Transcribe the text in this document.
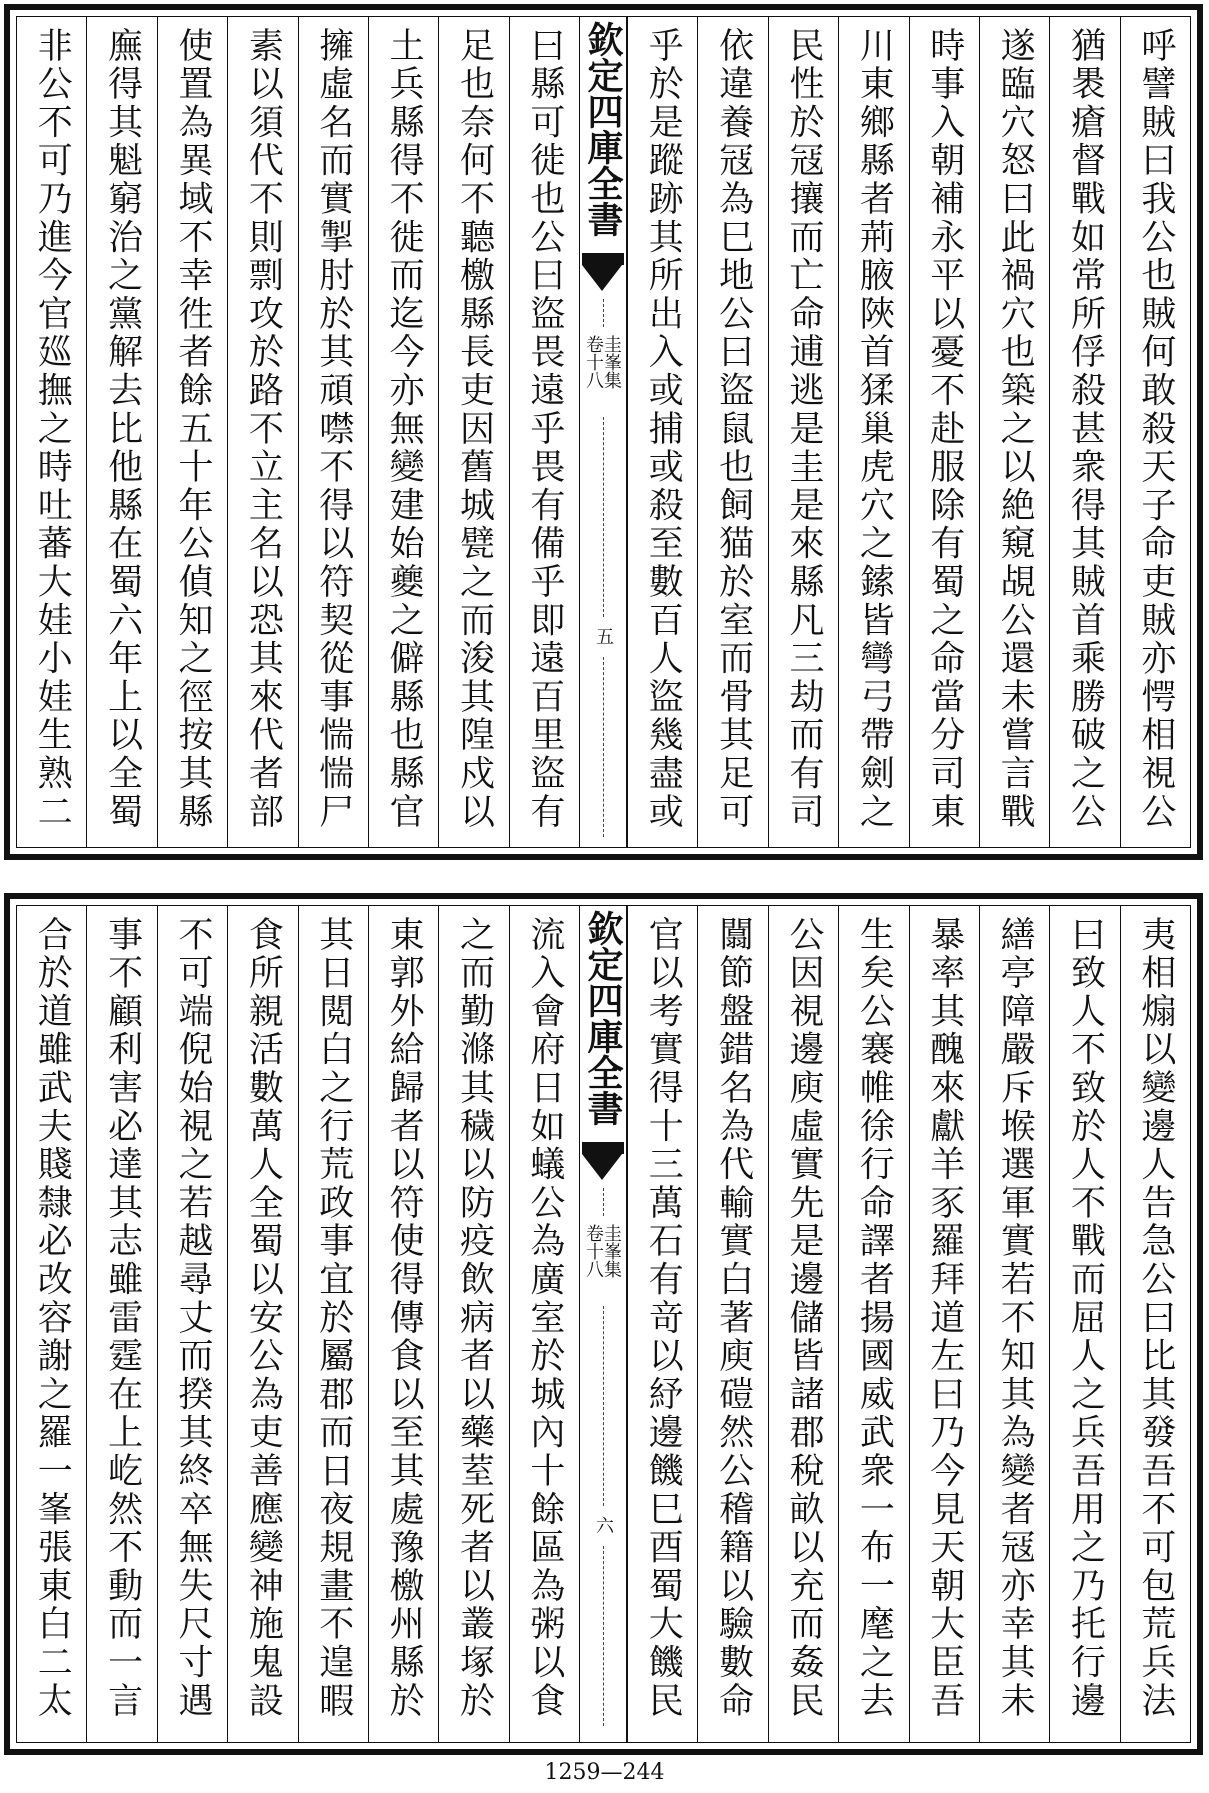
呼譬賊曰我公也賊何敢殺天子命吏賊亦愕相視公
猶褁瘡督戰如常所俘殺甚衆得其賊首乘勝破之公
遂臨穴怒曰此禍穴也築之以絶窺覘公還未嘗言戰
時事入朝補永平以憂不赴服除有蜀之命當分司東
川東鄉縣者荊腋陜首猱巢虎穴之鎍皆彎弓帶劍之
民性於冦攘而亡命逋逃是圭是來縣凡三劫而有司
依違養冦為巳地公曰盜鼠也飼猫於室而骨其足可
乎於是蹤跡其所出入或捕或殺至數百人盜幾盡或
欽定四庫全書
圭峯集
卷十八
五
曰縣可徙也公曰盜畏遠乎畏有備乎即遠百里盜有
足也奈何不聽檄縣長吏因舊城甓之而浚其隍戍以
土兵縣得不徙而迄今亦無變建始夔之僻縣也縣官
擁虛名而實掣肘於其頑噤不得以符契從事惴惴尸
素以須代不則剽攻於路不立主名以恐其來代者部
使置為異域不幸徃者餘五十年公偵知之徑按其縣
廡得其魁窮治之黨解去比他縣在蜀六年上以全蜀
非公不可乃進今官廵撫之時吐蕃大娃小娃生熟二
夷相煽以變邊人告急公曰比其發吾不可包荒兵法
曰致人不致於人不戰而屈人之兵吾用之乃托行邊
繕亭障嚴斥堠選軍實若不知其為變者冦亦幸其未
暴率其醜來獻羊豕羅拜道左曰乃今見天朝大臣吾
生矣公褰帷徐行命譯者揚國威武衆一布一麾之去
公因視邊庾虛實先是邊儲皆諸郡稅畝以充而姦民
闒節盤錯名為代輸實白著庾磑然公稽籍以驗數命
官以考實得十三萬石有竒以紓邊饑巳酉蜀大饑民
欽定四庫全書
圭峯集
卷十八
六
流入會府日如蟻公為廣室於城內十餘區為粥以食
之而勤滌其穢以防疫飲病者以藥荎死者以叢塚於
東郭外給歸者以符使得傳食以至其處豫檄州縣於
其日閲白之行荒政事宜於屬郡而日夜規畫不遑暇
食所親活數萬人全蜀以安公為吏善應變神施鬼設
不可端倪始視之若越尋丈而揆其終卒無失尺寸遇
事不顧利害必達其志雖雷霆在上屹然不動而一言
合於道雖武夫賤隸必改容謝之羅一峯張東白二太
1259—244
